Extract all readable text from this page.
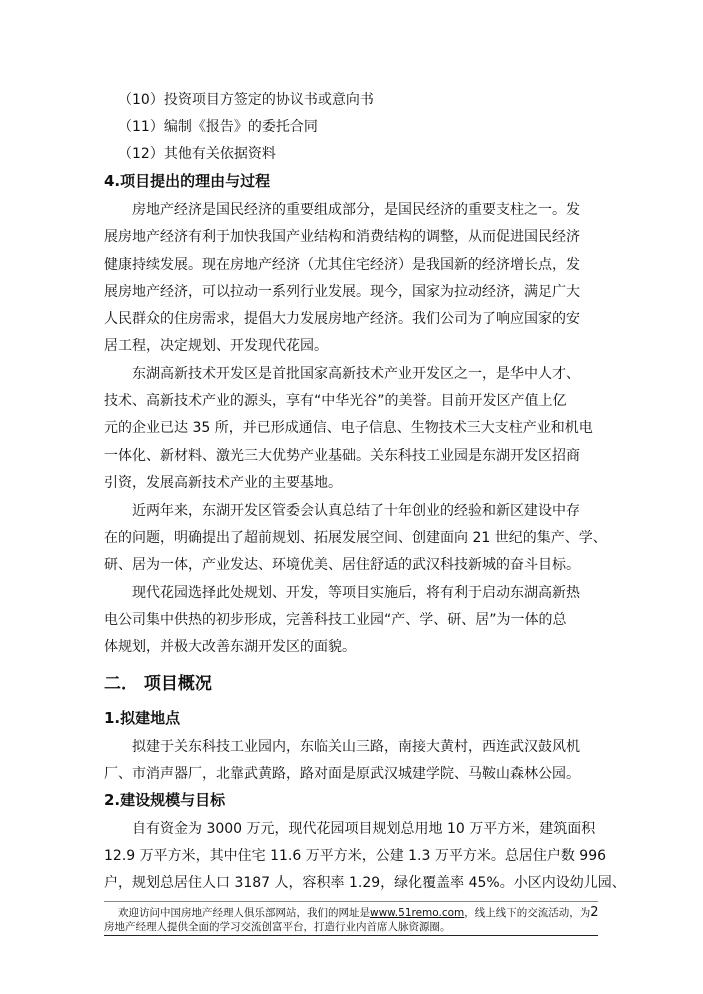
（10）投资项目方签定的协议书或意向书
（11）编制《报告》的委托合同
（12）其他有关依据资料
4.项目提出的理由与过程
房地产经济是国民经济的重要组成部分，是国民经济的重要支柱之一。发
展房地产经济有利于加快我国产业结构和消费结构的调整，从而促进国民经济
健康持续发展。现在房地产经济（尤其住宅经济）是我国新的经济增长点，发
展房地产经济，可以拉动一系列行业发展。现今，国家为拉动经济，满足广大
人民群众的住房需求，提倡大力发展房地产经济。我们公司为了响应国家的安
居工程，决定规划、开发现代花园。
东湖高新技术开发区是首批国家高新技术产业开发区之一，是华中人才、
技术、高新技术产业的源头，享有“中华光谷”的美誉。目前开发区产值上亿
元的企业已达 35 所，并已形成通信、电子信息、生物技术三大支柱产业和机电
一体化、新材料、激光三大优势产业基础。关东科技工业园是东湖开发区招商
引资，发展高新技术产业的主要基地。
近两年来，东湖开发区管委会认真总结了十年创业的经验和新区建设中存
在的问题，明确提出了超前规划、拓展发展空间、创建面向 21 世纪的集产、学、
研、居为一体，产业发达、环境优美、居住舒适的武汉科技新城的奋斗目标。
现代花园选择此处规划、开发，等项目实施后，将有利于启动东湖高新热
电公司集中供热的初步形成，完善科技工业园“产、学、研、居”为一体的总
体规划，并极大改善东湖开发区的面貌。
二． 项目概况
1.拟建地点
拟建于关东科技工业园内，东临关山三路，南接大黄村，西连武汉鼓风机
厂、市消声器厂，北靠武黄路，路对面是原武汉城建学院、马鞍山森林公园。
2.建设规模与目标
自有资金为 3000 万元，现代花园项目规划总用地 10 万平方米，建筑面积
12.9 万平方米，其中住宅 11.6 万平方米，公建 1.3 万平方米。总居住户数 996
户，规划总居住人口 3187 人，容积率 1.29，绿化覆盖率 45%。小区内设幼儿园、
欢迎访问中国房地产经理人俱乐部网站，我们的网址是www.51remo.com，线上线下的交流活动，为2
房地产经理人提供全面的学习交流创富平台，打造行业内首席人脉资源圈。
